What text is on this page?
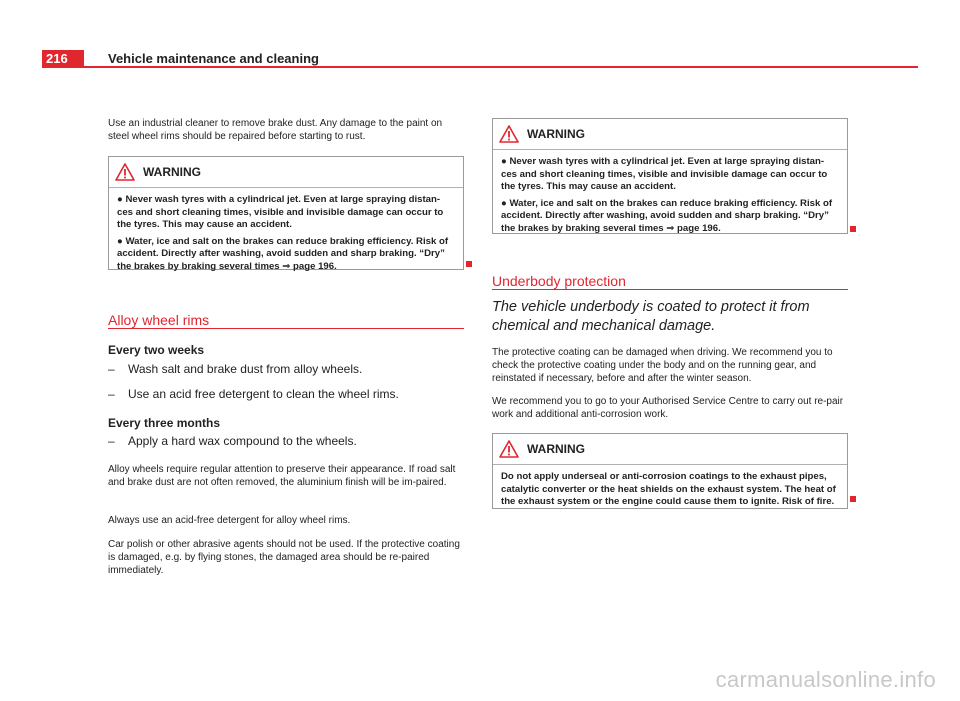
216	Vehicle maintenance and cleaning

Use an industrial cleaner to remove brake dust. Any damage to the paint on steel wheel rims should be repaired before starting to rust.

WARNING

● Never wash tyres with a cylindrical jet. Even at large spraying distan-ces and short cleaning times, visible and invisible damage can occur to the tyres. This may cause an accident.

● Water, ice and salt on the brakes can reduce braking efficiency. Risk of accident. Directly after washing, avoid sudden and sharp braking. “Dry” the brakes by braking several times ⇒ page 196.

Alloy wheel rims
Every two weeks
– Wash salt and brake dust from alloy wheels.
– Use an acid free detergent to clean the wheel rims.
Every three months
– Apply a hard wax compound to the wheels.

Alloy wheels require regular attention to preserve their appearance. If road salt and brake dust are not often removed, the aluminium finish will be im-paired.

Always use an acid-free detergent for alloy wheel rims.

Car polish or other abrasive agents should not be used. If the protective coating is damaged, e.g. by flying stones, the damaged area should be re-paired immediately.

WARNING

● Never wash tyres with a cylindrical jet. Even at large spraying distan-ces and short cleaning times, visible and invisible damage can occur to the tyres. This may cause an accident.

● Water, ice and salt on the brakes can reduce braking efficiency. Risk of accident. Directly after washing, avoid sudden and sharp braking. “Dry” the brakes by braking several times ⇒ page 196.

Underbody protection

The vehicle underbody is coated to protect it from chemical and mechanical damage.

The protective coating can be damaged when driving. We recommend you to check the protective coating under the body and on the running gear, and reinstated if necessary, before and after the winter season.

We recommend you to go to your Authorised Service Centre to carry out re-pair work and additional anti-corrosion work.

WARNING

Do not apply underseal or anti-corrosion coatings to the exhaust pipes, catalytic converter or the heat shields on the exhaust system. The heat of the exhaust system or the engine could cause them to ignite. Risk of fire.

carmanualsonline.info
